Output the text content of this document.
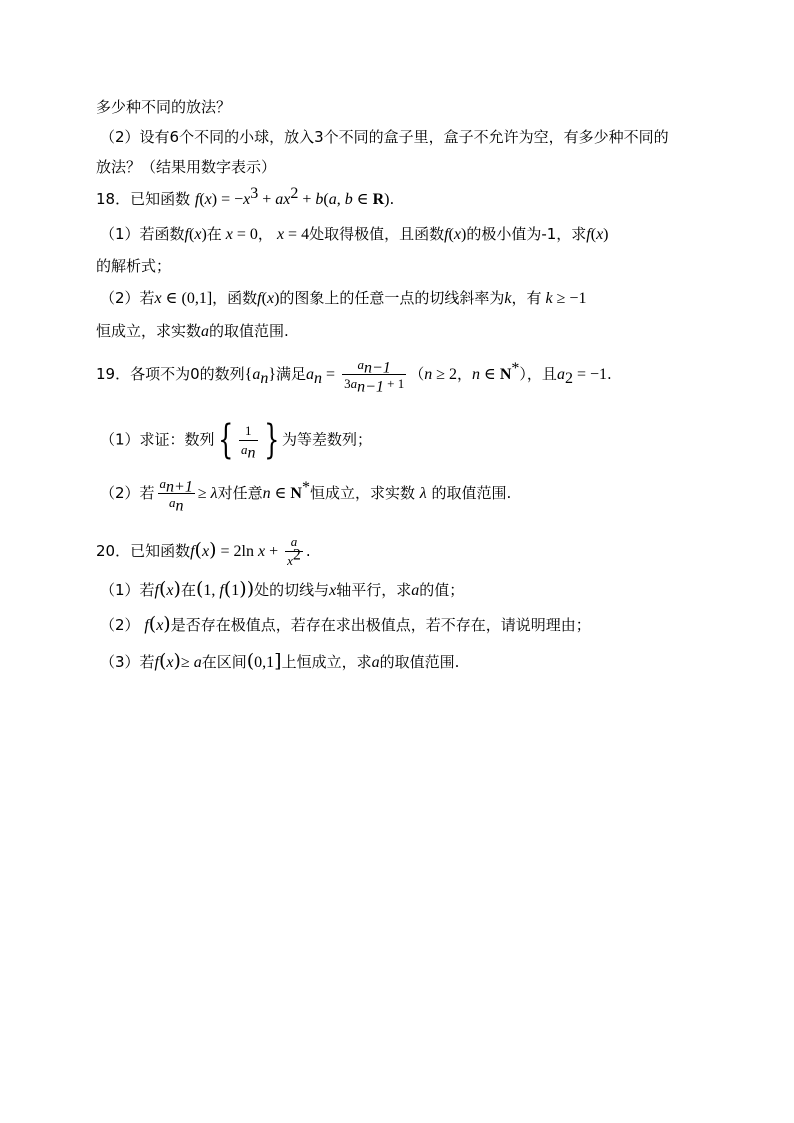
多少种不同的放法？
（2）设有6个不同的小球，放入3个不同的盒子里，盒子不允许为空，有多少种不同的
放法？（结果用数字表示）
18．已知函数 $f(x) = -x^3 + ax^2 + b(a$, b ∈ R).
（1）若函数f(x)在 x = 0， x = 4处取得极值，且函数f(x)的极小值为-1，求f(x)
的解析式；
（2）若x ∈ (0,1]，函数f(x)的图象上的任意一点的切线斜率为k，有 k ≥ −1
恒成立，求实数a的取值范围.
19．各项不为0的数列$\{a_n\}$满足$a_n = \frac{a_{n-1}}{3a_{n-1} + 1} (n \ge 2$，n ∈ N*），且$a_2 = -1$.
（1）求证：数列{ $\frac{1}{a_n}$ } 为等差数列；
（2）若 $\frac{a_{n+1}}{a_n} \ge \lambda$对任意n ∈ N*恒成立，求实数 λ 的取值范围.
20．已知函数f(x) = 2ln $x + \frac{a}{x^2}$ .
（1）若f(x)在(1, f(1))处的切线与x轴平行，求a的值；
（2） f(x)是否存在极值点，若存在求出极值点，若不存在，请说明理由；
（3）若f(x)≥ a在区间(0,1]上恒成立，求a的取值范围.
